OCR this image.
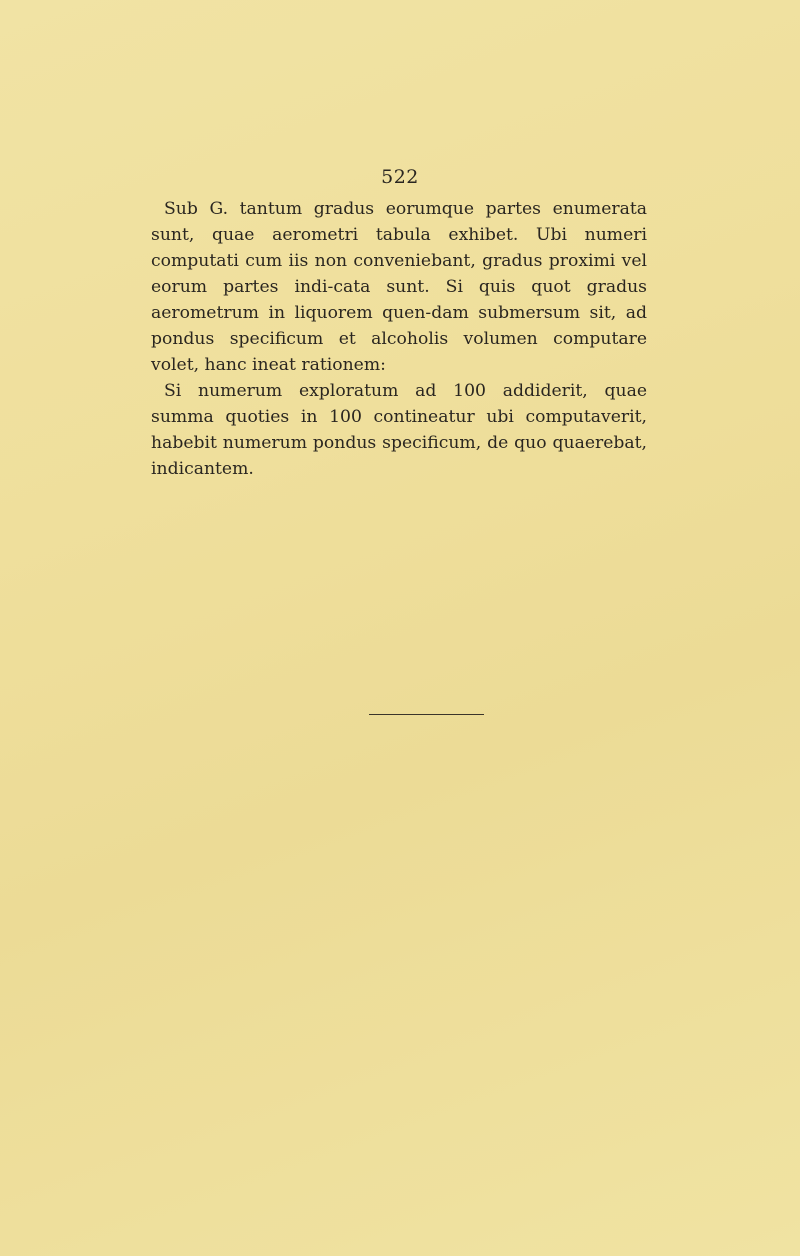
522

Sub G. tantum gradus eorumque partes enumerata sunt, quae aerometri tabula exhibet. Ubi numeri computati cum iis non conveniebant, gradus proximi vel eorum partes indi-cata sunt. Si quis quot gradus aerometrum in liquorem quen-dam submersum sit, ad pondus specificum et alcoholis volumen computare volet, hanc ineat rationem:

Si numerum exploratum ad 100 addiderit, quae summa quoties in 100 contineatur ubi computaverit, habebit numerum pondus specificum, de quo quaerebat, indicantem.
